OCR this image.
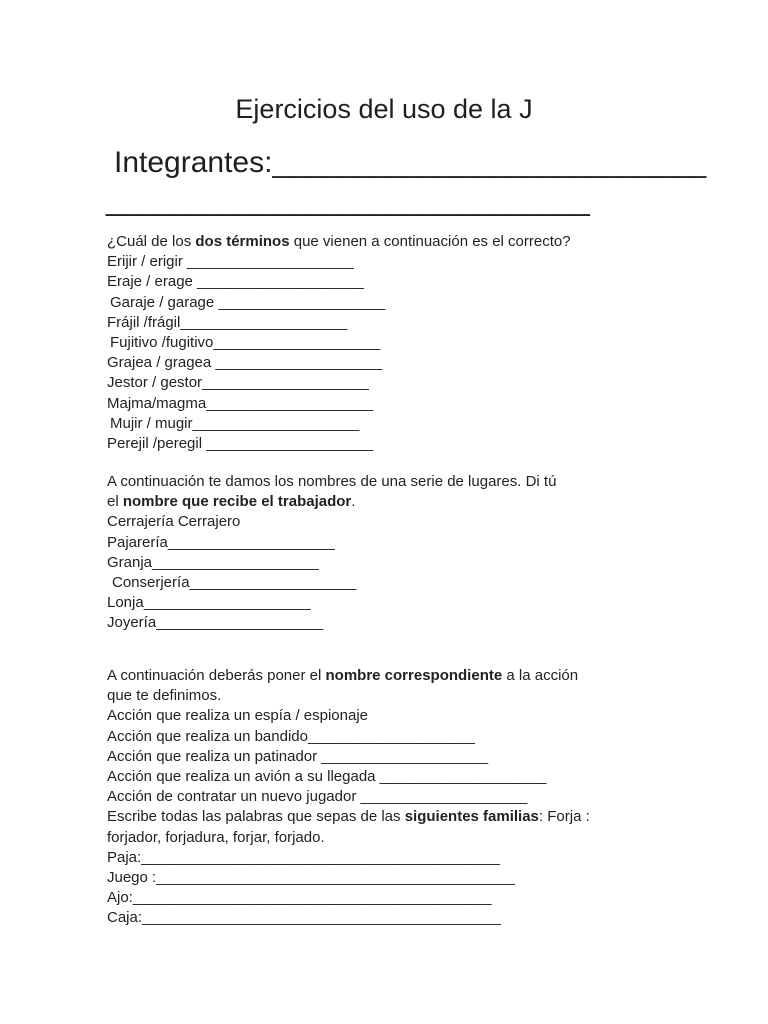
Ejercicios del uso de la J
Integrantes:__________________________
_____________________________

¿Cuál de los dos términos que vienen a continuación es el correcto?

Erijir / erigir ____________________
Eraje / erage ____________________
Garaje / garage ____________________
Frájil /frágil____________________
Fujitivo /fugitivo____________________
Grajea / gragea ____________________
Jestor / gestor____________________
Majma/magma____________________
Mujir / mugir____________________
Perejil /peregil ____________________

A continuación te damos los nombres de una serie de lugares. Di tú

el nombre que recibe el trabajador.

Cerrajería Cerrajero
Pajarería____________________
Granja____________________
Conserjería____________________
Lonja____________________
Joyería____________________

A continuación deberás poner el nombre correspondiente a la acción

que te definimos.

Acción que realiza un espía / espionaje
Acción que realiza un bandido____________________
Acción que realiza un patinador ____________________
Acción que realiza un avión a su llegada ____________________
Acción de contratar un nuevo jugador ____________________

Escribe todas las palabras que sepas de las siguientes familias: Forja :

forjador, forjadura, forjar, forjado.

Paja:___________________________________________
Juego :___________________________________________
Ajo:___________________________________________
Caja:___________________________________________
